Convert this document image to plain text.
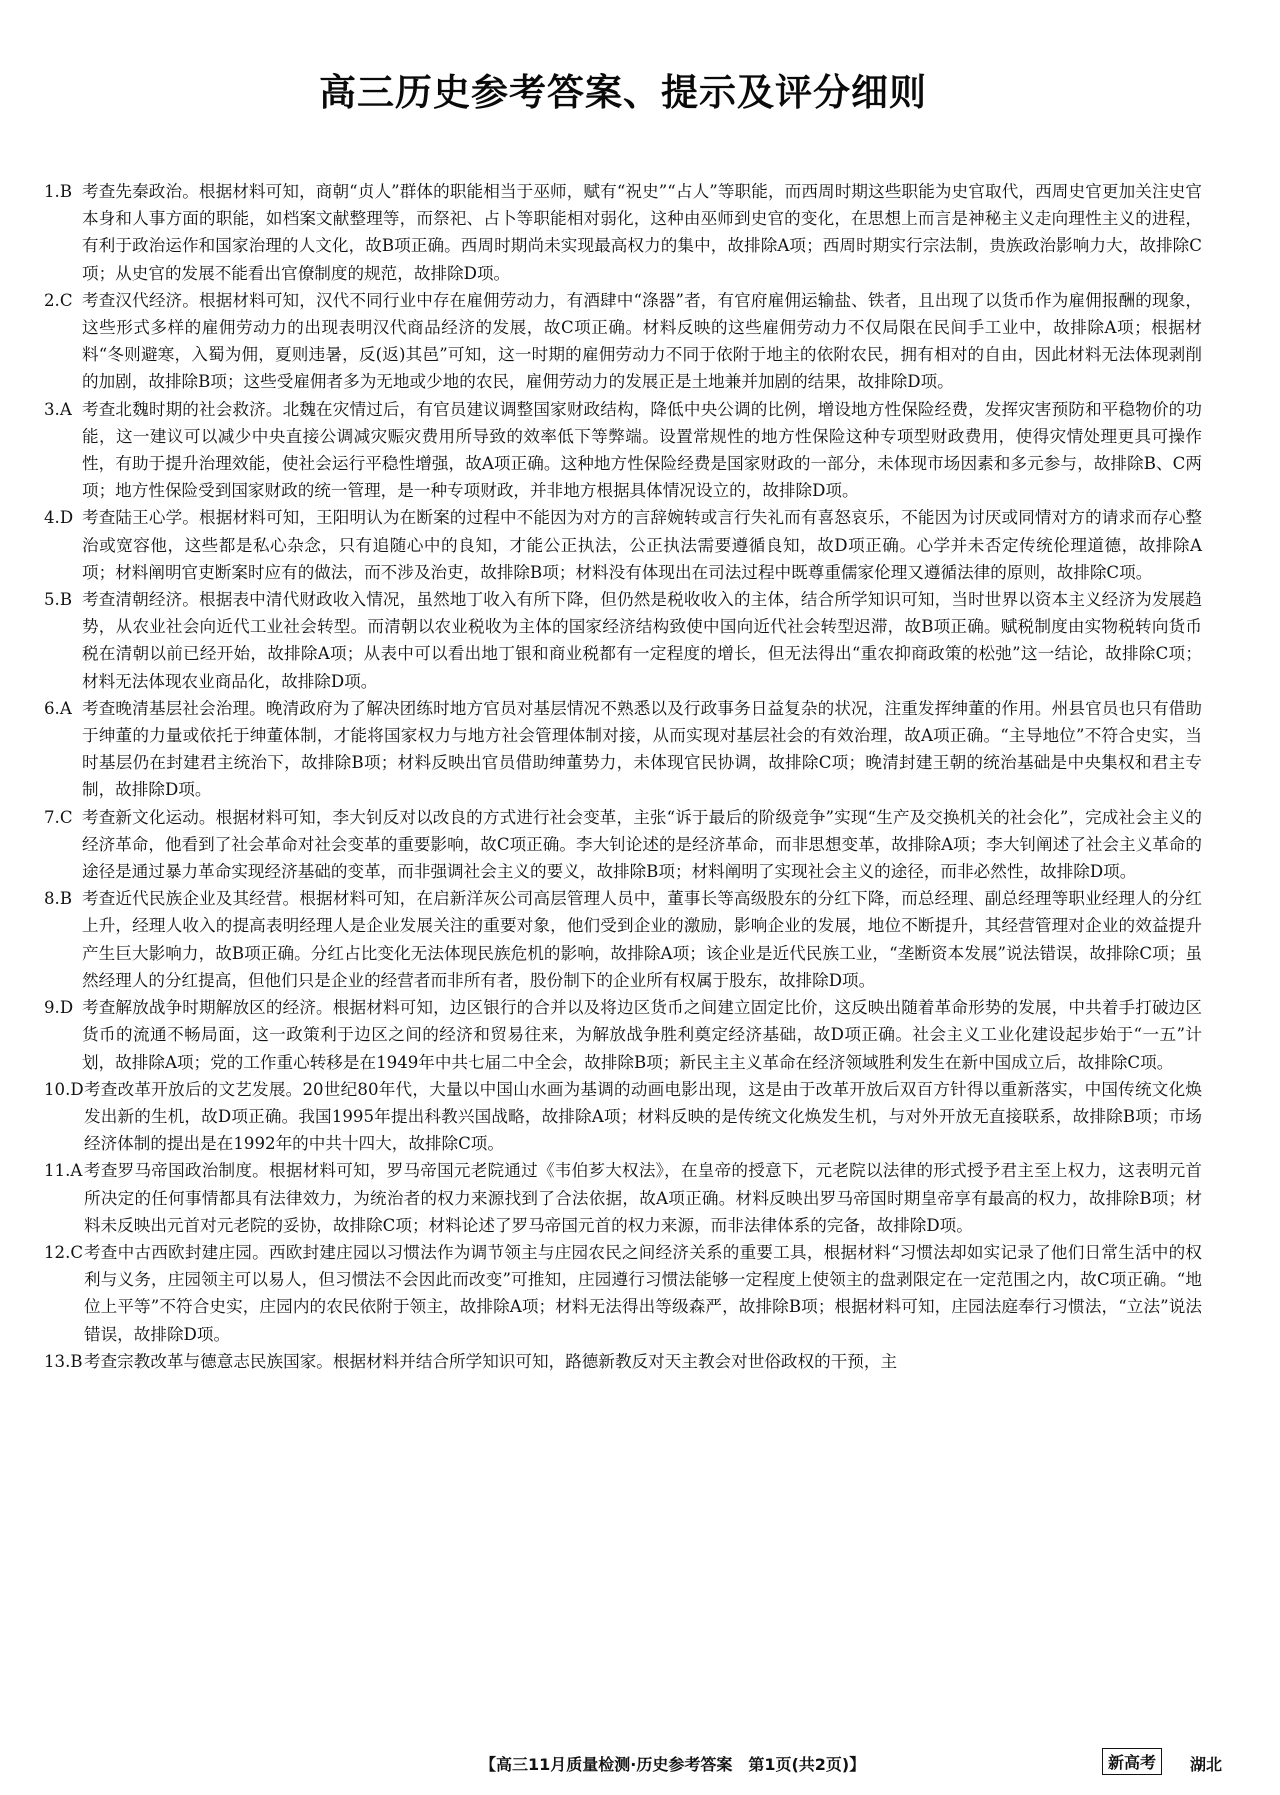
高三历史参考答案、提示及评分细则
1.B 考查先秦政治。根据材料可知，商朝“贞人”群体的职能相当于巫师，赋有“祝史”“占人”等职能，而西周时期这些职能为史官取代，西周史官更加关注史官本身和人事方面的职能，如档案文献整理等，而祭祀、占卜等职能相对弱化，这种由巫师到史官的变化，在思想上而言是神秘主义走向理性主义的进程，有利于政治运作和国家治理的人文化，故B项正确。西周时期尚未实现最高权力的集中，故排除A项；西周时期实行宗法制，贵族政治影响力大，故排除C项；从史官的发展不能看出官僚制度的规范，故排除D项。
2.C 考查汉代经济。根据材料可知，汉代不同行业中存在雇佣劳动力，有酒肆中“涤器”者，有官府雇佣运输盐、铁者，且出现了以货币作为雇佣报酬的现象，这些形式多样的雇佣劳动力的出现表明汉代商品经济的发展，故C项正确。材料反映的这些雇佣劳动力不仅局限在民间手工业中，故排除A项；根据材料“冬则避寒，入蜀为佣，夏则违暑，反(返)其邑”可知，这一时期的雇佣劳动力不同于依附于地主的依附农民，拥有相对的自由，因此材料无法体现剥削的加剧，故排除B项；这些受雇佣者多为无地或少地的农民，雇佣劳动力的发展正是土地兼并加剧的结果，故排除D项。
3.A 考查北魏时期的社会救济。北魏在灾情过后，有官员建议调整国家财政结构，降低中央公调的比例，增设地方性保险经费，发挥灾害预防和平稳物价的功能，这一建议可以减少中央直接公调减灾赈灾费用所导致的效率低下等弊端。设置常规性的地方性保险这种专项型财政费用，使得灾情处理更具可操作性，有助于提升治理效能，使社会运行平稳性增强，故A项正确。这种地方性保险经费是国家财政的一部分，未体现市场因素和多元参与，故排除B、C两项；地方性保险受到国家财政的统一管理，是一种专项财政，并非地方根据具体情况设立的，故排除D项。
4.D 考查陆王心学。根据材料可知，王阳明认为在断案的过程中不能因为对方的言辞婉转或言行失礼而有喜怒哀乐，不能因为讨厌或同情对方的请求而存心整治或宽容他，这些都是私心杂念，只有追随心中的良知，才能公正执法，公正执法需要遵循良知，故D项正确。心学并未否定传统伦理道德，故排除A项；材料阐明官吏断案时应有的做法，而不涉及治吏，故排除B项；材料没有体现出在司法过程中既尊重儒家伦理又遵循法律的原则，故排除C项。
5.B 考查清朝经济。根据表中清代财政收入情况，虽然地丁收入有所下降，但仍然是税收收入的主体，结合所学知识可知，当时世界以资本主义经济为发展趋势，从农业社会向近代工业社会转型。而清朝以农业税收为主体的国家经济结构致使中国向近代社会转型迟滞，故B项正确。赋税制度由实物税转向货币税在清朝以前已经开始，故排除A项；从表中可以看出地丁银和商业税都有一定程度的增长，但无法得出“重农抑商政策的松弛”这一结论，故排除C项；材料无法体现农业商品化，故排除D项。
6.A 考查晚清基层社会治理。晚清政府为了解决团练时地方官员对基层情况不熟悉以及行政事务日益复杂的状况，注重发挥绅董的作用。州县官员也只有借助于绅董的力量或依托于绅董体制，才能将国家权力与地方社会管理体制对接，从而实现对基层社会的有效治理，故A项正确。“主导地位”不符合史实，当时基层仍在封建君主统治下，故排除B项；材料反映出官员借助绅董势力，未体现官民协调，故排除C项；晚清封建王朝的统治基础是中央集权和君主专制，故排除D项。
7.C 考查新文化运动。根据材料可知，李大钊反对以改良的方式进行社会变革，主张“诉于最后的阶级竞争”实现“生产及交换机关的社会化”，完成社会主义的经济革命，他看到了社会革命对社会变革的重要影响，故C项正确。李大钊论述的是经济革命，而非思想变革，故排除A项；李大钊阐述了社会主义革命的途径是通过暴力革命实现经济基础的变革，而非强调社会主义的要义，故排除B项；材料阐明了实现社会主义的途径，而非必然性，故排除D项。
8.B 考查近代民族企业及其经营。根据材料可知，在启新洋灰公司高层管理人员中，董事长等高级股东的分红下降，而总经理、副总经理等职业经理人的分红上升，经理人收入的提高表明经理人是企业发展关注的重要对象，他们受到企业的激励，影响企业的发展，地位不断提升，其经营管理对企业的效益提升产生巨大影响力，故B项正确。分红占比变化无法体现民族危机的影响，故排除A项；该企业是近代民族工业，“垄断资本发展”说法错误，故排除C项；虽然经理人的分红提高，但他们只是企业的经营者而非所有者，股份制下的企业所有权属于股东，故排除D项。
9.D 考查解放战争时期解放区的经济。根据材料可知，边区银行的合并以及将边区货币之间建立固定比价，这反映出随着革命形势的发展，中共着手打破边区货币的流通不畅局面，这一政策利于边区之间的经济和贸易往来，为解放战争胜利奠定经济基础，故D项正确。社会主义工业化建设起步始于“一五”计划，故排除A项；党的工作重心转移是在1949年中共七届二中全会，故排除B项；新民主主义革命在经济领域胜利发生在新中国成立后，故排除C项。
10.D 考查改革开放后的文艺发展。20世纪80年代，大量以中国山水画为基调的动画电影出现，这是由于改革开放后双百方针得以重新落实，中国传统文化焕发出新的生机，故D项正确。我国1995年提出科教兴国战略，故排除A项；材料反映的是传统文化焕发生机，与对外开放无直接联系，故排除B项；市场经济体制的提出是在1992年的中共十四大，故排除C项。
11.A 考查罗马帝国政治制度。根据材料可知，罗马帝国元老院通过《韦伯芗大权法》，在皇帝的授意下，元老院以法律的形式授予君主至上权力，这表明元首所决定的任何事情都具有法律效力，为统治者的权力来源找到了合法依据，故A项正确。材料反映出罗马帝国时期皇帝享有最高的权力，故排除B项；材料未反映出元首对元老院的妥协，故排除C项；材料论述了罗马帝国元首的权力来源，而非法律体系的完备，故排除D项。
12.C 考查中古西欧封建庄园。西欧封建庄园以习惯法作为调节领主与庄园农民之间经济关系的重要工具，根据材料“习惯法却如实记录了他们日常生活中的权利与义务，庄园领主可以易人，但习惯法不会因此而改变”可推知，庄园遵行习惯法能够一定程度上使领主的盘剥限定在一定范围之内，故C项正确。“地位上平等”不符合史实，庄园内的农民依附于领主，故排除A项；材料无法得出等级森严，故排除B项；根据材料可知，庄园法庭奉行习惯法，“立法”说法错误，故排除D项。
13.B 考查宗教改革与德意志民族国家。根据材料并结合所学知识可知，路德新教反对天主教会对世俗政权的干预，主
【高三11月质量检测·历史参考答案　第1页(共2页)】	新高考	湖北
